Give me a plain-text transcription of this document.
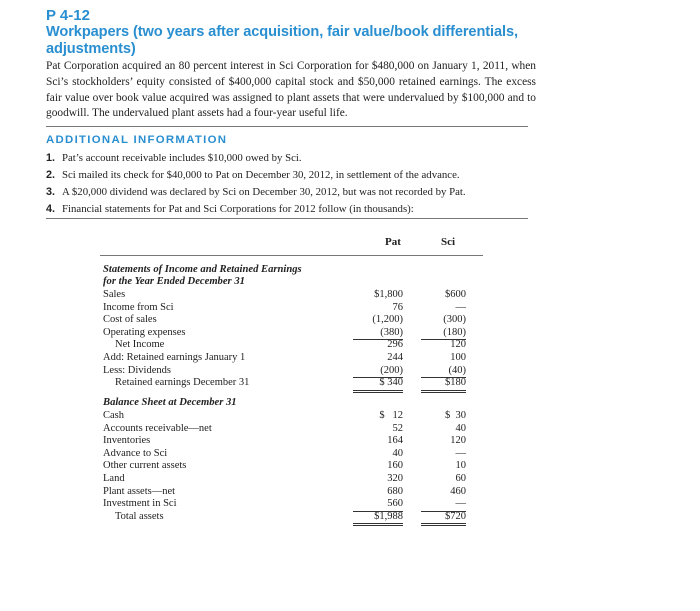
P 4-12
Workpapers (two years after acquisition, fair value/book differentials, adjustments)

Pat Corporation acquired an 80 percent interest in Sci Corporation for $480,000 on January 1, 2011, when Sci’s stockholders’ equity consisted of $400,000 capital stock and $50,000 retained earnings. The excess fair value over book value acquired was assigned to plant assets that were undervalued by $100,000 and to goodwill. The undervalued plant assets had a four-year useful life.

ADDITIONAL INFORMATION
1. Pat’s account receivable includes $10,000 owed by Sci.
2. Sci mailed its check for $40,000 to Pat on December 30, 2012, in settlement of the advance.
3. A $20,000 dividend was declared by Sci on December 30, 2012, but was not recorded by Pat.
4. Financial statements for Pat and Sci Corporations for 2012 follow (in thousands):
Pat	Sci
Statements of Income and Retained Earnings
for the Year Ended December 31
Sales	$1,800	$600
Income from Sci	76	—
Cost of sales	(1,200)	(300)
Operating expenses	(380)	(180)
Net Income	296	120
Add: Retained earnings January 1	244	100
Less: Dividends	(200)	(40)
Retained earnings December 31	$ 340	$180
Balance Sheet at December 31
Cash	$   12	$  30
Accounts receivable—net	52	40
Inventories	164	120
Advance to Sci	40	—
Other current assets	160	10
Land	320	60
Plant assets—net	680	460
Investment in Sci	560	—
Total assets	$1,988	$720
